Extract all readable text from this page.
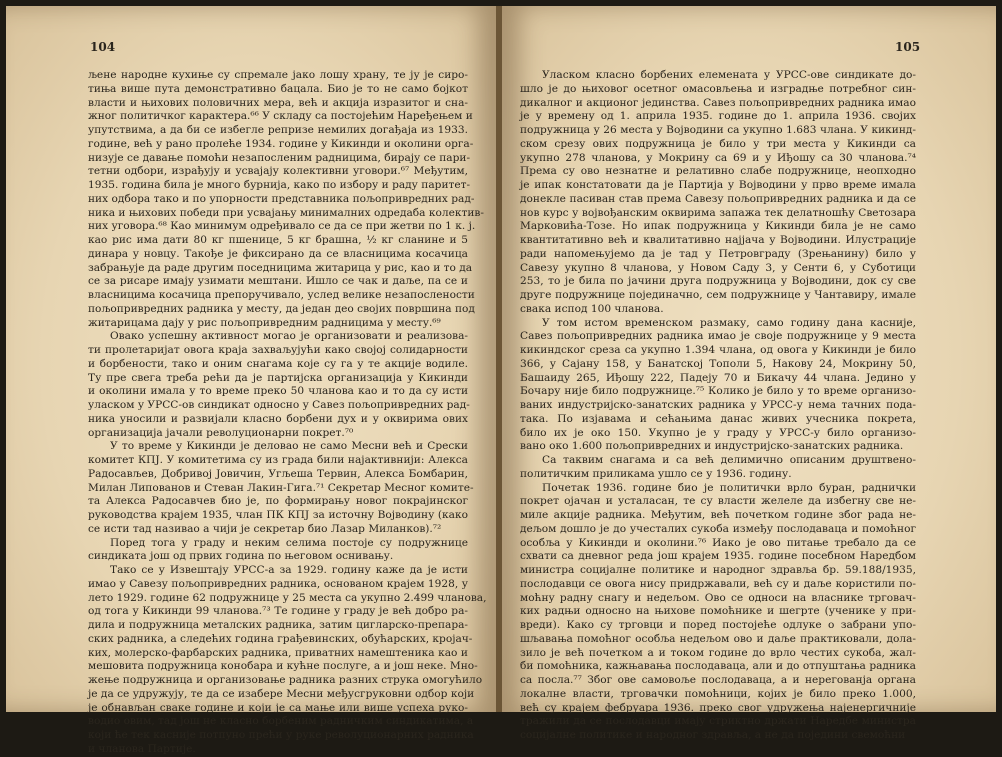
104
љене народне кухиње су спремале јако лошу храну, те ју је сиро-
тиња више пута демонстративно бацала. Био је то не само бојкот
власти и њихових половичних мера, већ и акција изразитог и сна-
жног политичког карактера.⁶⁶ У складу са постојећим Наређењем и
упутствима, а да би се избегле репризе немилих догађаја из 1933.
године, већ у рано пролеће 1934. године у Кикинди и околини орга-
низује се давање помоћи незапосленим радницима, бирају се пари-
тетни одбори, израђују и усвајају колективни уговори.⁶⁷ Међутим,
1935. година била је много бурнија, како по избору и раду паритет-
них одбора тако и по упорности представника пољопривредних рад-
ника и њихових победи при усвајању минималних одредаба колектив-
них уговора.⁶⁸ Као минимум одређивало се да се при жетви по 1 к. ј.
као рис има дати 80 кг пшенице, 5 кг брашна, ½ кг сланине и 5
динара у новцу. Такође је фиксирано да се власницима косачица
забрањује да раде другим поседницима житарица у рис, као и то да
се за рисаре имају узимати мештани. Ишло се чак и даље, па се и
власницима косачица препоручивало, услед велике незапослености
пољопривредних радника у месту, да један део својих површина под
житарицама дају у рис пољопривредним радницима у месту.⁶⁹
Овако успешну активност могао је организовати и реализова-
ти пролетаријат овога краја захваљујући како својој солидарности
и борбености, тако и оним снагама које су га у те акције водиле.
Ту пре свега треба рећи да је партијска организација у Кикинди
и околини имала у то време преко 50 чланова као и то да су исти
уласком у УРСС-ов синдикат односно у Савез пољопривредних рад-
ника уносили и развијали класно борбени дух и у оквирима ових
организација јачали револуционарни покрет.⁷⁰
У то време у Кикинди је деловао не само Месни већ и Срески
комитет КПЈ. У комитетима су из града били најактивнији: Алекса
Радосављев, Добривој Јовичин, Угљеша Тервин, Алекса Бомбарин,
Милан Липованов и Стеван Лакин-Гига.⁷¹ Секретар Месног комите-
та Алекса Радосавчев био је, по формирању новог покрајинског
руководства крајем 1935, члан ПК КПЈ за источну Војводину (како
се исти тад називао а чији је секретар био Лазар Миланков).⁷²
Поред тога у граду и неким селима постоје су подружнице
синдиката још од првих година по његовом оснивању.
Тако се у Извештају УРСС-а за 1929. годину каже да је исти
имао у Савезу пољопривредних радника, основаном крајем 1928, у
лето 1929. године 62 подружнице у 25 места са укупно 2.499 чланова,
од тога у Кикинди 99 чланова.⁷³ Те године у граду је већ добро ра-
дила и подружница металских радника, затим цигларско-препара-
ских радника, а следећих година грађевинских, обућарских, кројач-
ких, молерско-фарбарских радника, приватних намештеника као и
мешовита подружница конобара и кућне послуге, а и још неке. Мно-
жење подружница и организовање радника разних струка омогућило
је да се удружују, те да се изаберe Месни међусгруковни одбор који
је обнављан сваке године и који је са мање или више успеха руко-
водио овим, тад још не класно борбеним радничким синдикатима, а
који ће тек касније потпуно прећи у руке револуционарних радника
и чланова Партије.
105
Уласком класно борбених елемената у УРСС-ове синдикате до-
шло је до њиховог осетног омасовљења и изградње потребног син-
дикалног и акционог јединства. Савез пољопривредних радника имао
је у времену од 1. априла 1935. године до 1. априла 1936. својих
подружница у 26 места у Војводини са укупно 1.683 члана. У кикинд-
ском срезу ових подружница је било у три места у Кикинди са
укупно 278 чланова, у Мокрину са 69 и у Иђошу са 30 чланова.⁷⁴
Према су ово незнатне и релативно слабе подружнице, неопходно
је ипак констатовати да је Партија у Војводини у прво време имала
донекле пасиван став према Савезу пољопривредних радника и да се
нов курс у војвођанским оквирима запажа тек делатношћу Светозара
Марковића-Тозе. Но ипак подружница у Кикинди била је не само
квантитативно већ и квалитативно најјача у Војводини. Илустрације
ради напомењујемо да је тад у Петровграду (Зрењанину) било у
Савезу укупно 8 чланова, у Новом Саду 3, у Сенти 6, у Суботици
253, то је била по јачини друга подружница у Војводини, док су све
друге подружнице појединачно, сем подружнице у Чантавиру, имале
свака испод 100 чланова.
У том истом временском размаку, само годину дана касније,
Савез пољопривредних радника имао је своје подружнице у 9 места
кикиндског среза са укупно 1.394 члана, од овога у Кикинди је било
366, у Сајану 158, у Банатској Тополи 5, Накову 24, Мокрину 50,
Башаиду 265, Иђошу 222, Падеју 70 и Бикачу 44 члана. Једино у
Бочару није било подружнице.⁷⁵ Колико је било у то време организо-
ваних индустријско-занатских радника у УРСС-у нема тачних пода-
така. По изјавама и сећањима данас живих учесника покрета,
било их је око 150. Укупно је у граду у УРСС-у било организо-
вано око 1.600 пољопривредних и индустријско-занатских радника.
Са таквим снагама и са већ делимично описаним друштвено-
политичким приликама ушло се у 1936. годину.
Почетак 1936. године био је политички врло буран, раднички
покрет ојачан и усталасан, те су власти желеле да избегну све не-
миле акције радника. Међутим, већ почетком године због рада не-
дељом дошло је до учесталих сукоба између послодаваца и помоћног
особља у Кикинди и околини.⁷⁶ Иако је ово питање требало да се
схвати са дневног реда још крајем 1935. године посебном Наредбом
министра социјалне политике и народног здравља бр. 59.188/1935,
послодавци се овога нису придржавали, већ су и даље користили по-
моћну радну снагу и недељом. Ово се односи на власнике трговач-
ких радњи односно на њихове помоћнике и шегрте (ученике у при-
вреди). Како су трговци и поред постојеће одлуке о забрани упо-
шљавања помоћног особља недељом ово и даље практиковали, дола-
зило је већ почетком а и током године до врло честих сукоба, жал-
би помоћника, кажњавања послодаваца, али и до отпуштања радника
са посла.⁷⁷ Због ове самовоље послодаваца, а и нерегованја органа
локалне власти, трговачки помоћници, којих је било преко 1.000,
већ су крајем фебруара 1936. преко свог удружења најенергичније
тражили да се послодавци имају стриктно држати Наредбе министра
социјалне политике и народног здравља, а не да поједини свемоћни
